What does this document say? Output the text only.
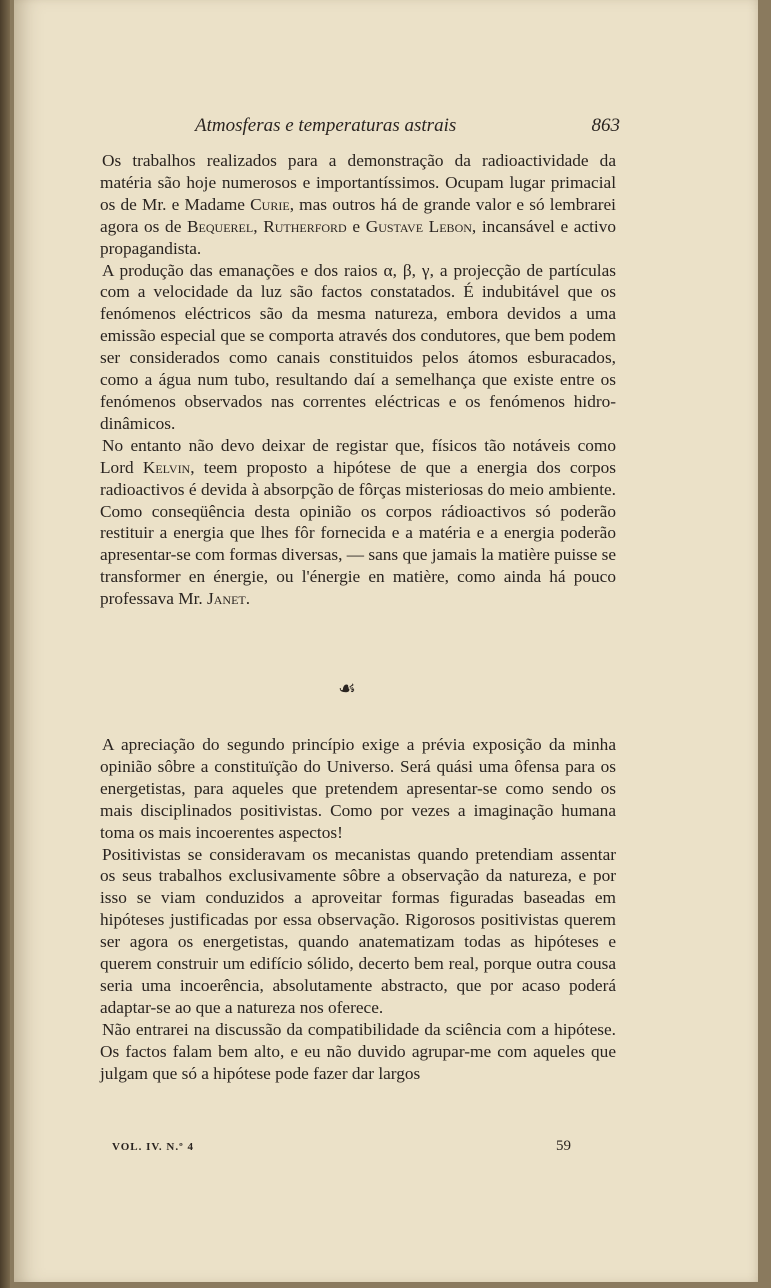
Atmosferas e temperaturas astrais	863

Os trabalhos realizados para a demonstração da radioactividade da matéria são hoje numerosos e importantíssimos. Ocupam lugar primacial os de Mr. e Madame Curie, mas outros há de grande valor e só lembrarei agora os de Bequerel, Rutherford e Gustave Lebon, incansável e activo propagandista.

A produção das emanações e dos raios α, β, γ, a projecção de partículas com a velocidade da luz são factos constatados. É indubitável que os fenómenos eléctricos são da mesma natureza, embora devidos a uma emissão especial que se comporta através dos condutores, que bem podem ser considerados como canais constituidos pelos átomos esburacados, como a água num tubo, resultando daí a semelhança que existe entre os fenómenos observados nas correntes eléctricas e os fenómenos hidro-dinâmicos.

No entanto não devo deixar de registar que, físicos tão notáveis como Lord Kelvin, teem proposto a hipótese de que a energia dos corpos radioactivos é devida à absorpção de fôrças misteriosas do meio ambiente. Como conseqüência desta opinião os corpos rádioactivos só poderão restituir a energia que lhes fôr fornecida e a matéria e a energia poderão apresentar-se com formas diversas, — sans que jamais la matière puisse se transformer en énergie, ou l'énergie en matière, como ainda há pouco professava Mr. Janet.

☙

A apreciação do segundo princípio exige a prévia exposição da minha opinião sôbre a constituïção do Universo. Será quási uma ôfensa para os energetistas, para aqueles que pretendem apresentar-se como sendo os mais disciplinados positivistas. Como por vezes a imaginação humana toma os mais incoerentes aspectos!

Positivistas se consideravam os mecanistas quando pretendiam assentar os seus trabalhos exclusivamente sôbre a observação da natureza, e por isso se viam conduzidos a aproveitar formas figuradas baseadas em hipóteses justificadas por essa observação. Rigorosos positivistas querem ser agora os energetistas, quando anatematizam todas as hipóteses e querem construir um edifício sólido, decerto bem real, porque outra cousa seria uma incoerência, absolutamente abstracto, que por acaso poderá adaptar-se ao que a natureza nos oferece.

Não entrarei na discussão da compatibilidade da sciência com a hipótese. Os factos falam bem alto, e eu não duvido agrupar-me com aqueles que julgam que só a hipótese pode fazer dar largos

VOL. IV. N.º 4	59
